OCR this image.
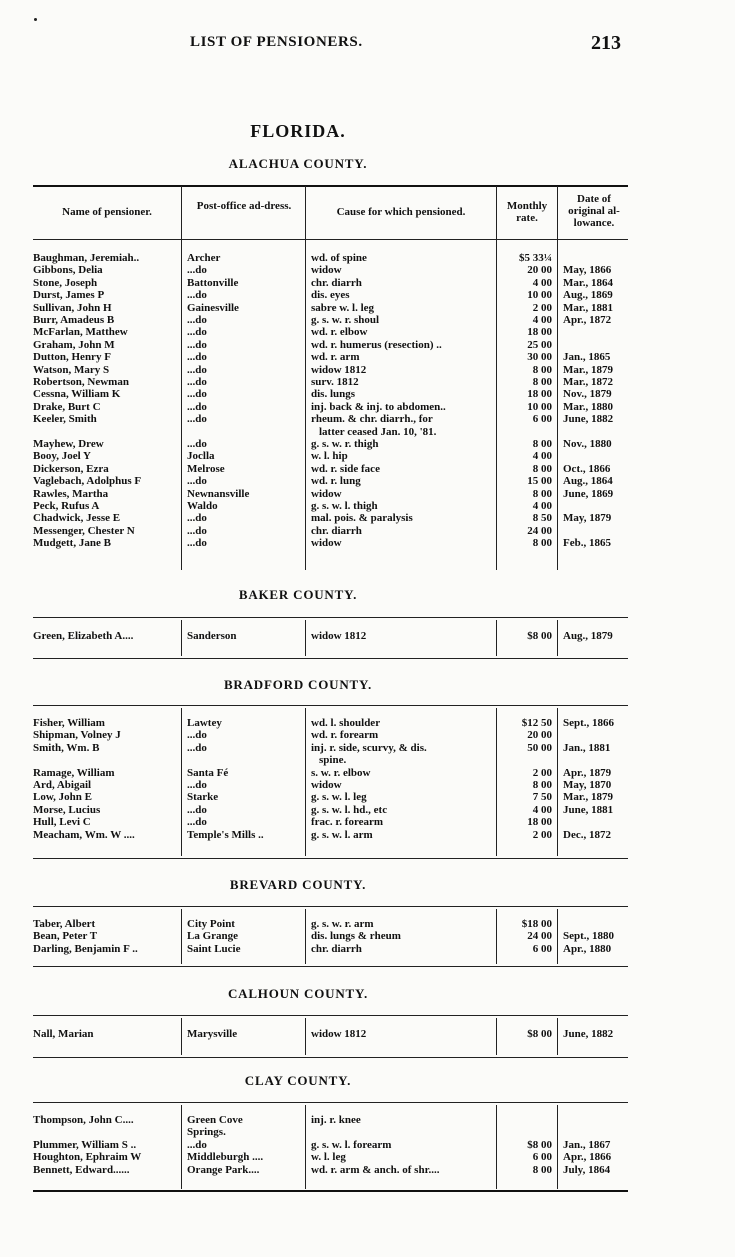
LIST OF PENSIONERS.	213
FLORIDA.
ALACHUA COUNTY.
Name of pensioner.	Post-office ad-dress.	Cause for which pensioned.	Monthly rate.
Date of original al-lowance.
Baughman, Jeremiah..	Archer	wd. of spine	$5 33¼
Gibbons, Delia	...do	widow	20 00 May, 1866
Stone, Joseph	Battonville	chr. diarrh	4 00 Mar., 1864
Durst, James P	...do	dis. eyes	10 00 Aug., 1869
Sullivan, John H	Gainesville	sabre w. l. leg	2 00 Mar., 1881
Burr, Amadeus B	...do	g. s. w. r. shoul	4 00 Apr., 1872
McFarlan, Matthew	...do	wd. r. elbow	18 00
Graham, John M	...do	wd. r. humerus (resection) ..	25 00
Dutton, Henry F	...do	wd. r. arm	30 00 Jan., 1865
Watson, Mary S	...do	widow 1812	8 00 Mar., 1879
Robertson, Newman	...do	surv. 1812	8 00 Mar., 1872
Cessna, William K	...do	dis. lungs	18 00 Nov., 1879
Drake, Burt C	...do	inj. back & inj. to abdomen..	10 00 Mar., 1880
Keeler, Smith	...do	rheum. & chr. diarrh., for	6 00 June, 1882
latter ceased Jan. 10, '81.
Mayhew, Drew	...do	g. s. w. r. thigh	8 00 Nov., 1880
Booy, Joel Y	Joclla	w. l. hip	4 00
Dickerson, Ezra	Melrose	wd. r. side face	8 00 Oct., 1866
Vaglebach, Adolphus F	...do	wd. r. lung	15 00 Aug., 1864
Rawles, Martha	Newnansville	widow	8 00 June, 1869
Peck, Rufus A	Waldo	g. s. w. l. thigh	4 00
Chadwick, Jesse E	...do	mal. pois. & paralysis	8 50 May, 1879
Messenger, Chester N	...do	chr. diarrh	24 00
Mudgett, Jane B	...do	widow	8 00 Feb., 1865
BAKER COUNTY.
Green, Elizabeth A....	Sanderson	widow 1812	$8 00 Aug., 1879
BRADFORD COUNTY.
Fisher, William	Lawtey	wd. l. shoulder	$12 50 Sept., 1866
Shipman, Volney J	...do	wd. r. forearm	20 00
Smith, Wm. B	...do	inj. r. side, scurvy, & dis.	50 00 Jan., 1881
spine.
Ramage, William	Santa Fé	s. w. r. elbow	2 00 Apr., 1879
Ard, Abigail	...do	widow	8 00 May, 1870
Low, John E	Starke	g. s. w. l. leg	7 50 Mar., 1879
Morse, Lucius	...do	g. s. w. l. hd., etc	4 00 June, 1881
Hull, Levi C	...do	frac. r. forearm	18 00
Meacham, Wm. W ....	Temple's Mills ..	g. s. w. l. arm	2 00 Dec., 1872
BREVARD COUNTY.
Taber, Albert	City Point	g. s. w. r. arm	$18 00
Bean, Peter T	La Grange	dis. lungs & rheum	24 00 Sept., 1880
Darling, Benjamin F ..	Saint Lucie	chr. diarrh	6 00 Apr., 1880
CALHOUN COUNTY.
Nall, Marian	Marysville	widow 1812	$8 00 June, 1882
CLAY COUNTY.
Thompson, John C....	Green Cove	inj. r. knee
Springs.
Plummer, William S ..	...do	g. s. w. l. forearm	$8 00 Jan., 1867
Houghton, Ephraim W	Middleburgh ....	w. l. leg	6 00 Apr., 1866
Bennett, Edward......	Orange Park....	wd. r. arm & anch. of shr....	8 00 July, 1864
